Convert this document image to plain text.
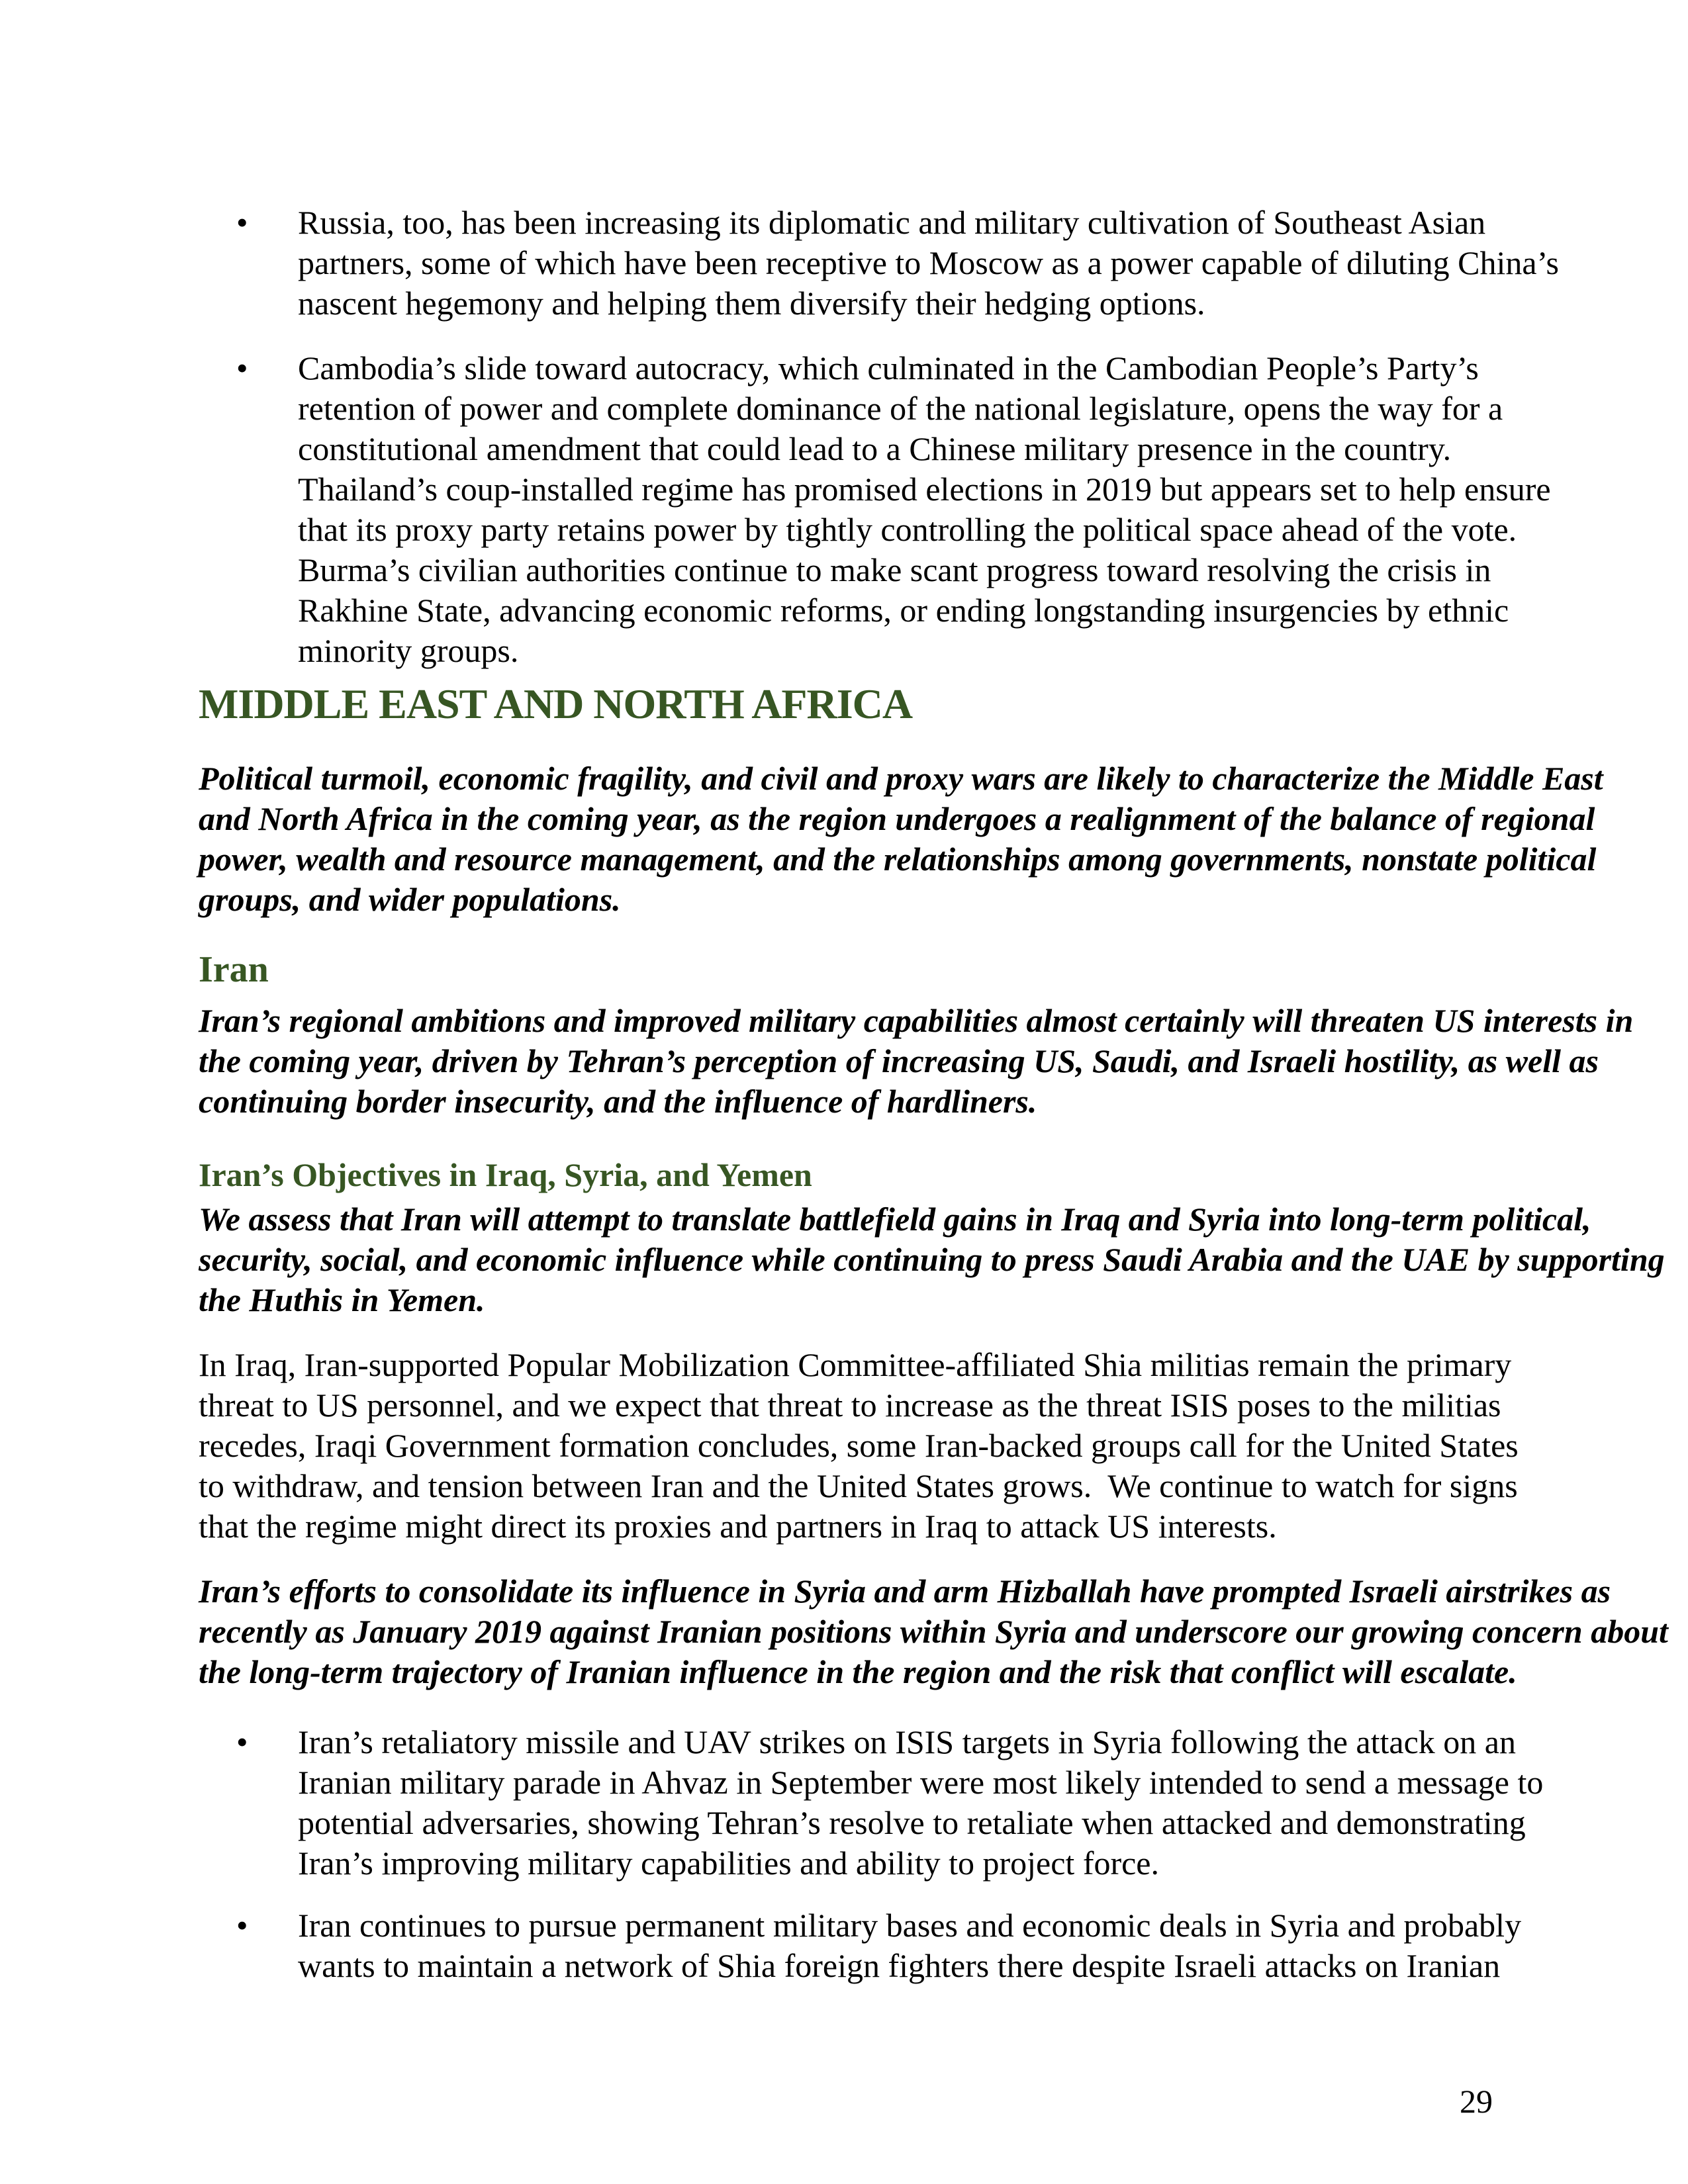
• Russia, too, has been increasing its diplomatic and military cultivation of Southeast Asian
partners, some of which have been receptive to Moscow as a power capable of diluting China’s
nascent hegemony and helping them diversify their hedging options.
• Cambodia’s slide toward autocracy, which culminated in the Cambodian People’s Party’s
retention of power and complete dominance of the national legislature, opens the way for a
constitutional amendment that could lead to a Chinese military presence in the country.
Thailand’s coup-installed regime has promised elections in 2019 but appears set to help ensure
that its proxy party retains power by tightly controlling the political space ahead of the vote.
Burma’s civilian authorities continue to make scant progress toward resolving the crisis in
Rakhine State, advancing economic reforms, or ending longstanding insurgencies by ethnic
minority groups.
MIDDLE EAST AND NORTH AFRICA
Political turmoil, economic fragility, and civil and proxy wars are likely to characterize the Middle East
and North Africa in the coming year, as the region undergoes a realignment of the balance of regional
power, wealth and resource management, and the relationships among governments, nonstate political
groups, and wider populations.
Iran
Iran’s regional ambitions and improved military capabilities almost certainly will threaten US interests in
the coming year, driven by Tehran’s perception of increasing US, Saudi, and Israeli hostility, as well as
continuing border insecurity, and the influence of hardliners.
Iran’s Objectives in Iraq, Syria, and Yemen
We assess that Iran will attempt to translate battlefield gains in Iraq and Syria into long-term political,
security, social, and economic influence while continuing to press Saudi Arabia and the UAE by supporting
the Huthis in Yemen.
In Iraq, Iran-supported Popular Mobilization Committee-affiliated Shia militias remain the primary
threat to US personnel, and we expect that threat to increase as the threat ISIS poses to the militias
recedes, Iraqi Government formation concludes, some Iran-backed groups call for the United States
to withdraw, and tension between Iran and the United States grows.  We continue to watch for signs
that the regime might direct its proxies and partners in Iraq to attack US interests.
Iran’s efforts to consolidate its influence in Syria and arm Hizballah have prompted Israeli airstrikes as
recently as January 2019 against Iranian positions within Syria and underscore our growing concern about
the long-term trajectory of Iranian influence in the region and the risk that conflict will escalate.
• Iran’s retaliatory missile and UAV strikes on ISIS targets in Syria following the attack on an
Iranian military parade in Ahvaz in September were most likely intended to send a message to
potential adversaries, showing Tehran’s resolve to retaliate when attacked and demonstrating
Iran’s improving military capabilities and ability to project force.
• Iran continues to pursue permanent military bases and economic deals in Syria and probably
wants to maintain a network of Shia foreign fighters there despite Israeli attacks on Iranian
29
